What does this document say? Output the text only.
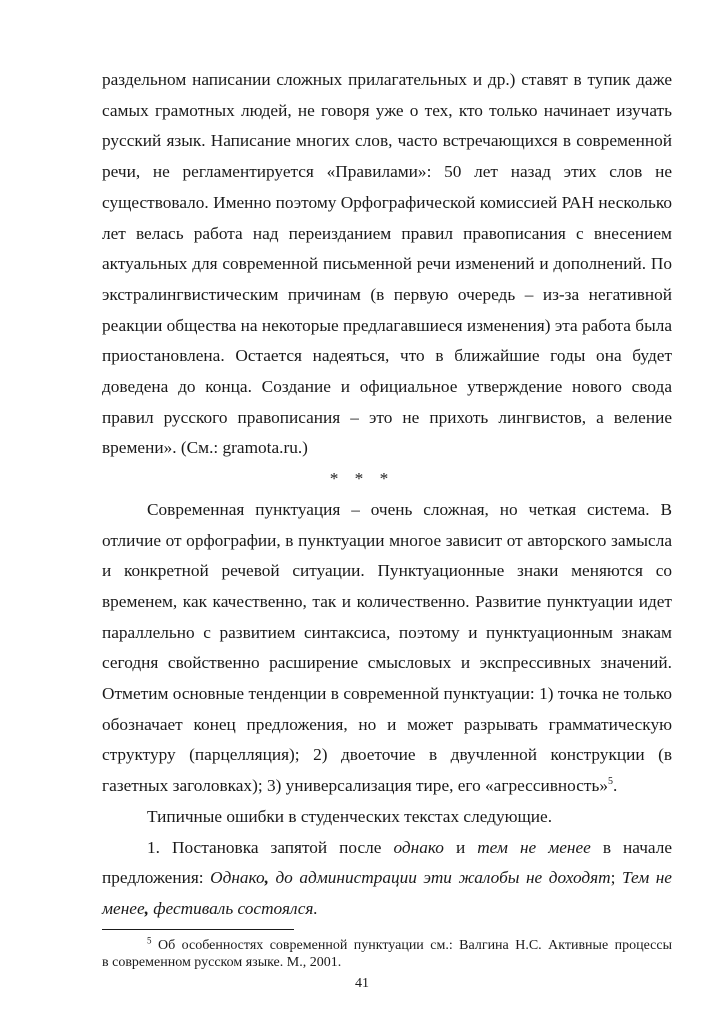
раздельном написании сложных прилагательных и др.) ставят в тупик даже
самых грамотных людей, не говоря уже о тех, кто только начинает изучать
русский язык. Написание многих слов, часто встречающихся в современной
речи, не регламентируется «Правилами»: 50 лет назад этих слов не
существовало. Именно поэтому Орфографической комиссией РАН несколько
лет велась работа над переизданием правил правописания с внесением
актуальных для современной письменной речи изменений и дополнений. По
экстралингвистическим причинам (в первую очередь – из-за негативной
реакции общества на некоторые предлагавшиеся изменения) эта работа была
приостановлена. Остается надеяться, что в ближайшие годы она будет
доведена до конца. Создание и официальное утверждение нового свода
правил русского правописания – это не прихоть лингвистов, а веление
времени». (См.: gramota.ru.)
* * *
Современная пунктуация – очень сложная, но четкая система. В
отличие от орфографии, в пунктуации многое зависит от авторского замысла
и конкретной речевой ситуации. Пунктуационные знаки меняются со
временем, как качественно, так и количественно. Развитие пунктуации идет
параллельно с развитием синтаксиса, поэтому и пунктуационным знакам
сегодня свойственно расширение смысловых и экспрессивных значений.
Отметим основные тенденции в современной пунктуации: 1) точка не только
обозначает конец предложения, но и может разрывать грамматическую
структуру (парцелляция); 2) двоеточие в двучленной конструкции (в
газетных заголовках); 3) универсализация тире, его «агрессивность»$^5$.
Типичные ошибки в студенческих текстах следующие.
1. Постановка запятой после однако и тем не менее в начале
предложения: Однако, до администрации эти жалобы не доходят; Тем не
менее, фестиваль состоялся.
$^5$ Об особенностях современной пунктуации см.: Валгина Н.С. Активные процессы
в современном русском языке. М., 2001.
41
